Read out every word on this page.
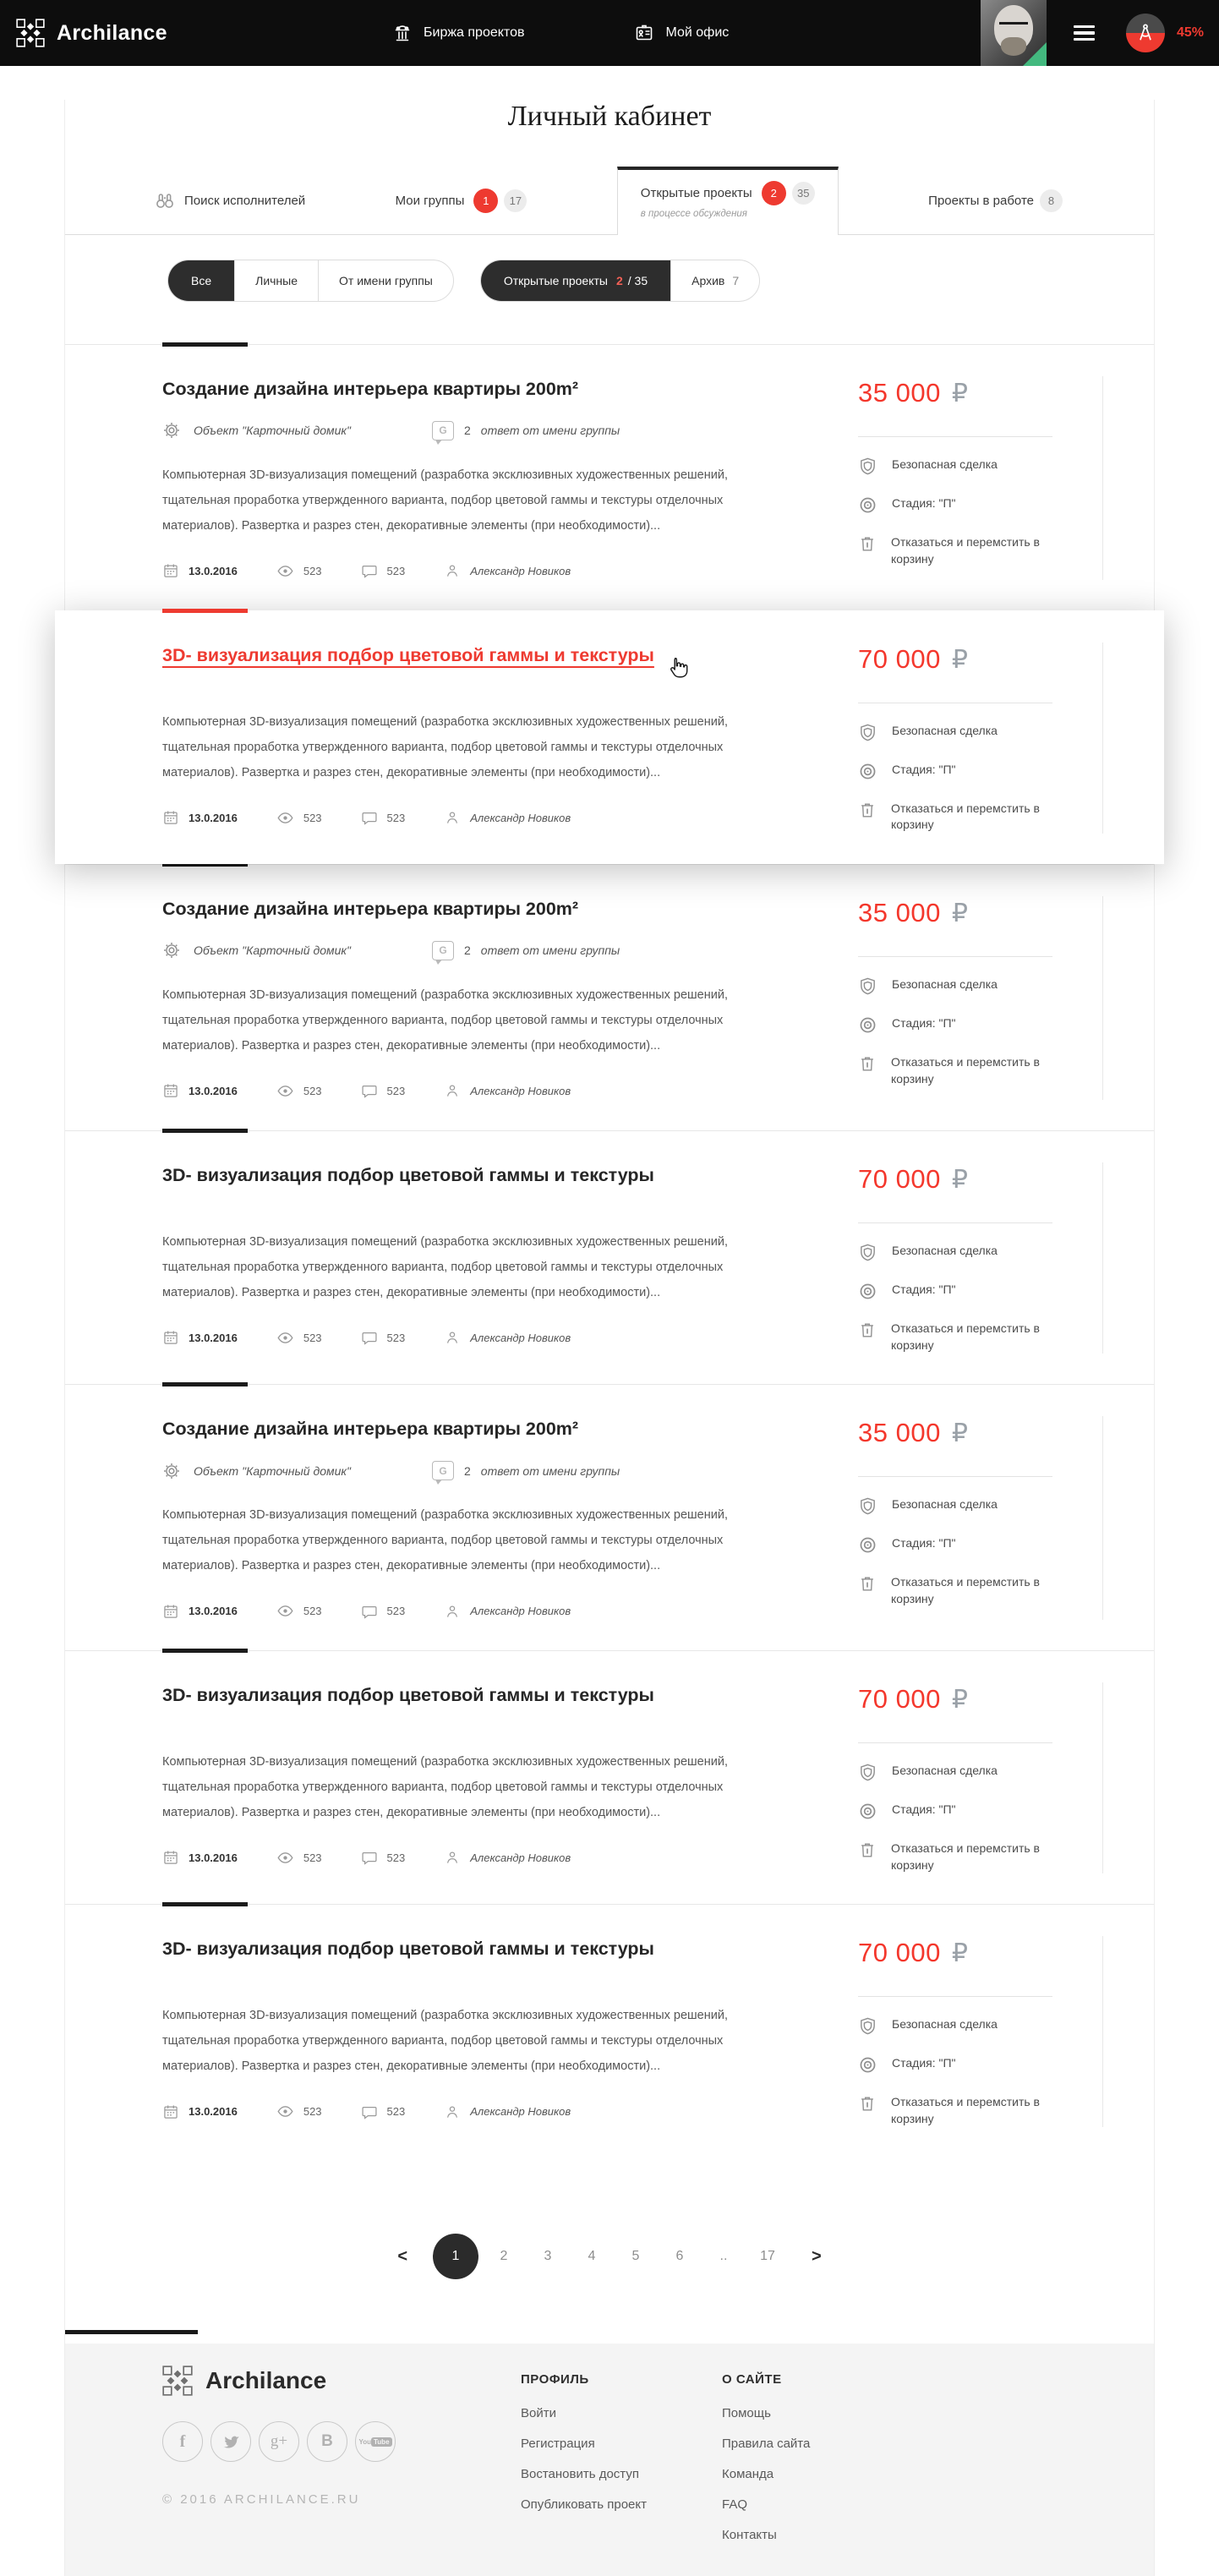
Archilance	Биржа проектов	Мой офис	45%
Личный кабинет
Поиск исполнителей	Мои группы	1	17	Открытые проекты	2	35
в процессе обсуждения
Проекты в работе	8
Все	Личные	От имени группы	Открытые проекты 2 / 35	Архив 7
Создание дизайна интерьера квартиры 200m²
Объект "Карточный домик"	G 2 ответ от имени группы

Компьютерная 3D-визуализация помещений (разработка эксклюзивных художественных решений, тщательная проработка утвержденного варианта, подбор цветовой гаммы и текстуры отделочных материалов). Развертка и разрез стен, декоративные элементы (при необходимости)...

13.0.2016	523	523	Александр Новиков
35 000 ₽
Безопасная сделка
Стадия: "П"
Отказаться и перемстить в корзину
3D- визуализация подбор цветовой гаммы и текстуры

Компьютерная 3D-визуализация помещений (разработка эксклюзивных художественных решений, тщательная проработка утвержденного варианта, подбор цветовой гаммы и текстуры отделочных материалов). Развертка и разрез стен, декоративные элементы (при необходимости)...

13.0.2016	523	523	Александр Новиков
70 000 ₽
Безопасная сделка
Стадия: "П"
Отказаться и перемстить в корзину
Создание дизайна интерьера квартиры 200m²
Объект "Карточный домик"	G 2 ответ от имени группы

Компьютерная 3D-визуализация помещений (разработка эксклюзивных художественных решений, тщательная проработка утвержденного варианта, подбор цветовой гаммы и текстуры отделочных материалов). Развертка и разрез стен, декоративные элементы (при необходимости)...

13.0.2016	523	523	Александр Новиков
35 000 ₽
Безопасная сделка
Стадия: "П"
Отказаться и перемстить в корзину
3D- визуализация подбор цветовой гаммы и текстуры

Компьютерная 3D-визуализация помещений (разработка эксклюзивных художественных решений, тщательная проработка утвержденного варианта, подбор цветовой гаммы и текстуры отделочных материалов). Развертка и разрез стен, декоративные элементы (при необходимости)...

13.0.2016	523	523	Александр Новиков
70 000 ₽
Безопасная сделка
Стадия: "П"
Отказаться и перемстить в корзину
Создание дизайна интерьера квартиры 200m²
Объект "Карточный домик"	G 2 ответ от имени группы

Компьютерная 3D-визуализация помещений (разработка эксклюзивных художественных решений, тщательная проработка утвержденного варианта, подбор цветовой гаммы и текстуры отделочных материалов). Развертка и разрез стен, декоративные элементы (при необходимости)...

13.0.2016	523	523	Александр Новиков
35 000 ₽
Безопасная сделка
Стадия: "П"
Отказаться и перемстить в корзину
3D- визуализация подбор цветовой гаммы и текстуры

Компьютерная 3D-визуализация помещений (разработка эксклюзивных художественных решений, тщательная проработка утвержденного варианта, подбор цветовой гаммы и текстуры отделочных материалов). Развертка и разрез стен, декоративные элементы (при необходимости)...

13.0.2016	523	523	Александр Новиков
70 000 ₽
Безопасная сделка
Стадия: "П"
Отказаться и перемстить в корзину
3D- визуализация подбор цветовой гаммы и текстуры

Компьютерная 3D-визуализация помещений (разработка эксклюзивных художественных решений, тщательная проработка утвержденного варианта, подбор цветовой гаммы и текстуры отделочных материалов). Развертка и разрез стен, декоративные элементы (при необходимости)...

13.0.2016	523	523	Александр Новиков
70 000 ₽
Безопасная сделка
Стадия: "П"
Отказаться и перемстить в корзину
<	1	2	3	4	5	6	..	17	>
Archilance
f	g+	B	You Tube
© 2016 ARCHILANCE.RU
ПРОФИЛЬ
Войти
Регистрация
Востановить доступ
Опубликовать проект
О САЙТЕ
Помощь
Правила сайта
Команда
FAQ
Контакты
